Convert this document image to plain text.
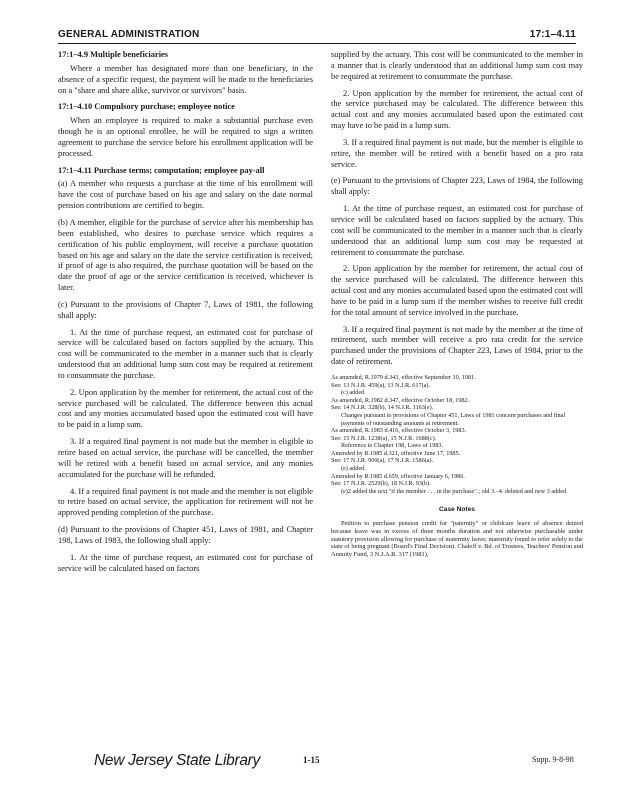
GENERAL ADMINISTRATION	17:1–4.11
17:1–4.9 Multiple beneficiaries

Where a member has designated more than one beneficiary, in the absence of a specific request, the payment will be made to the beneficiaries on a "share and share alike, survivor or survivors" basis.

17:1–4.10 Compulsory purchase; employee notice

When an employee is required to make a substantial purchase even though he is an optional enrollee, he will be required to sign a written agreement to purchase the service before his enrollment application will be processed.

17:1–4.11 Purchase terms; computation; employee pay-all

(a) A member who requests a purchase at the time of his enrollment will have the cost of purchase based on his age and salary on the date normal pension contributions are certified to begin.

(b) A member, eligible for the purchase of service after his membership has been established, who desires to purchase service which requires a certification of his public employment, will receive a purchase quotation based on his age and salary on the date the service certification is received; if proof of age is also required, the purchase quotation will be based on the date the proof of age or the service certification is received, whichever is later.

(c) Pursuant to the provisions of Chapter 7, Laws of 1981, the following shall apply:

1. At the time of purchase request, an estimated cost for purchase of service will be calculated based on factors supplied by the actuary. This cost will be communicated to the member in a manner such that is clearly understood that an additional lump sum cost may be required at retirement to consummate the purchase.

2. Upon application by the member for retirement, the actual cost of the service purchased will be calculated. The difference between this actual cost and any monies accumulated based upon the estimated cost will have to be paid in a lump sum.

3. If a required final payment is not made but the member is eligible to retire based on actual service, the purchase will be cancelled, the member will be retired with a benefit based on actual service, and any monies accumulated for the purchase will be refunded.

4. If a required final payment is not made and the member is not eligible to retire based on actual service, the application for retirement will not be approved pending completion of the purchase.

(d) Pursuant to the provisions of Chapter 451, Laws of 1981, and Chapter 198, Laws of 1983, the following shall apply:

1. At the time of purchase request, an estimated cost for purchase of service will be calculated based on factors

supplied by the actuary. This cost will be communicated to the member in a manner that is clearly understood that an additional lump sum cost may be required at retirement to consummate the purchase.

2. Upon application by the member for retirement, the actual cost of the service purchased may be calculated. The difference between this actual cost and any monies accumulated based upon the estimated cost may have to be paid in a lump sum.

3. If a required final payment is not made, but the member is eligible to retire, the member will be retired with a benefit based on a pro rata service.

(e) Pursuant to the provisions of Chapter 223, Laws of 1984, the following shall apply:

1. At the time of purchase request, an estimated cost for purchase of service will be calculated based on factors supplied by the actuary. This cost will be communicated to the member in a manner such that is clearly understood that an additional lump sum cost may be requested at retirement to consummate the purchase.

2. Upon application by the member for retirement, the actual cost of the service purchased will be calculated. The difference between this actual cost and any monies accumulated based upon the estimated cost will have to be paid in a lump sum if the member wishes to receive full credit for the total amount of service involved in the purchase.

3. If a required final payment is not made by the member at the time of retirement, such member will receive a pro rata credit for the service purchased under the provisions of Chapter 223, Laws of 1984, prior to the date of retirement.

As amended, R.1979 d.343, effective September 10, 1981.
See: 13 N.J.R. 459(a), 13 N.J.R. 617(a).
(c) added.
As amended, R.1982 d.347, effective October 18, 1982.
See: 14 N.J.R. 328(b), 14 N.J.R. 1163(e).
Changes pursuant to provisions of Chapter 451, Laws of 1981 concern purchases and final payments of outstanding amounts at retirement.
As amended, R.1983 d.416, effective October 3, 1983.
See: 15 N.J.R. 1238(a), 15 N.J.R. 1688(c).
Reference to Chapter 198, Laws of 1983.
Amended by R.1985 d.321, effective June 17, 1985.
See: 17 N.J.R. 900(a), 17 N.J.R. 1586(a).
(e) added.
Amended by R.1985 d.659, effective January 6, 1986.
See: 17 N.J.R. 2529(b), 18 N.J.R. 93(b).
(e)2 added the text "if the member . . . in the purchase".; old 3.–4. deleted and new 3 added.
Case Notes

Petition to purchase pension credit for "paternity" or childcare leave of absence denied because leave was in excess of three months duration and not otherwise purchasable under statutory provision allowing for purchase of maternity leave; maternity found to refer solely to the state of being pregnant (Board's Final Decision). Chaleff v. Bd. of Trustees, Teachers' Pension and Annuity Fund, 3 N.J.A.R. 317 (1981),

New Jersey State Library	1-15	Supp. 9-8-98
